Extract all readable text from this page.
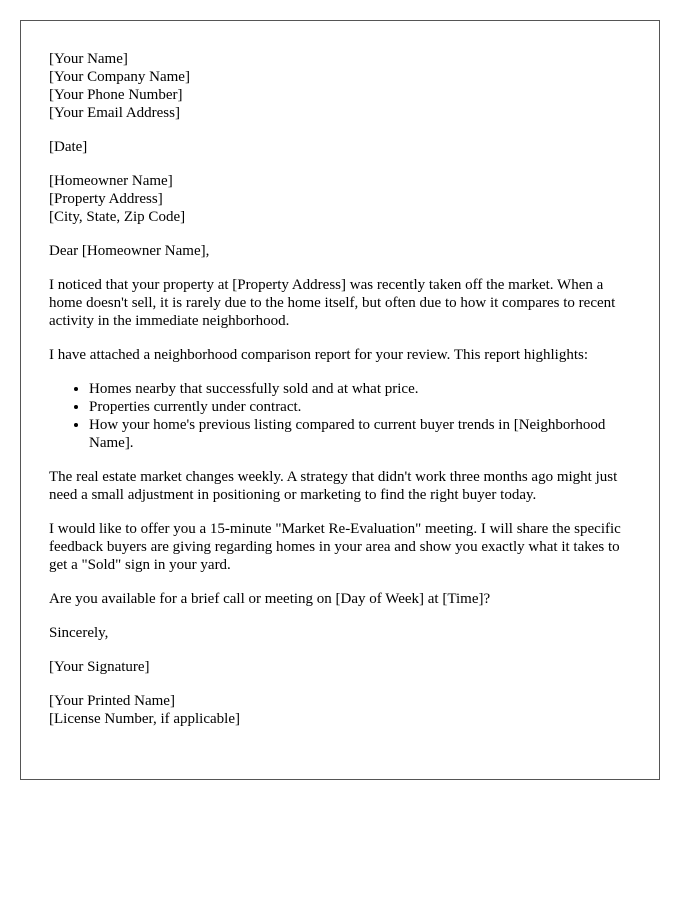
[Your Name]
[Your Company Name]
[Your Phone Number]
[Your Email Address]
[Date]
[Homeowner Name]
[Property Address]
[City, State, Zip Code]

Dear [Homeowner Name],

I noticed that your property at [Property Address] was recently taken off the market. When a home doesn't sell, it is rarely due to the home itself, but often due to how it compares to recent activity in the immediate neighborhood.

I have attached a neighborhood comparison report for your review. This report highlights:

• Homes nearby that successfully sold and at what price.
• Properties currently under contract.
• How your home's previous listing compared to current buyer trends in [Neighborhood Name].

The real estate market changes weekly. A strategy that didn't work three months ago might just need a small adjustment in positioning or marketing to find the right buyer today.

I would like to offer you a 15-minute "Market Re-Evaluation" meeting. I will share the specific feedback buyers are giving regarding homes in your area and show you exactly what it takes to get a "Sold" sign in your yard.

Are you available for a brief call or meeting on [Day of Week] at [Time]?

Sincerely,

[Your Signature]

[Your Printed Name]
[License Number, if applicable]
